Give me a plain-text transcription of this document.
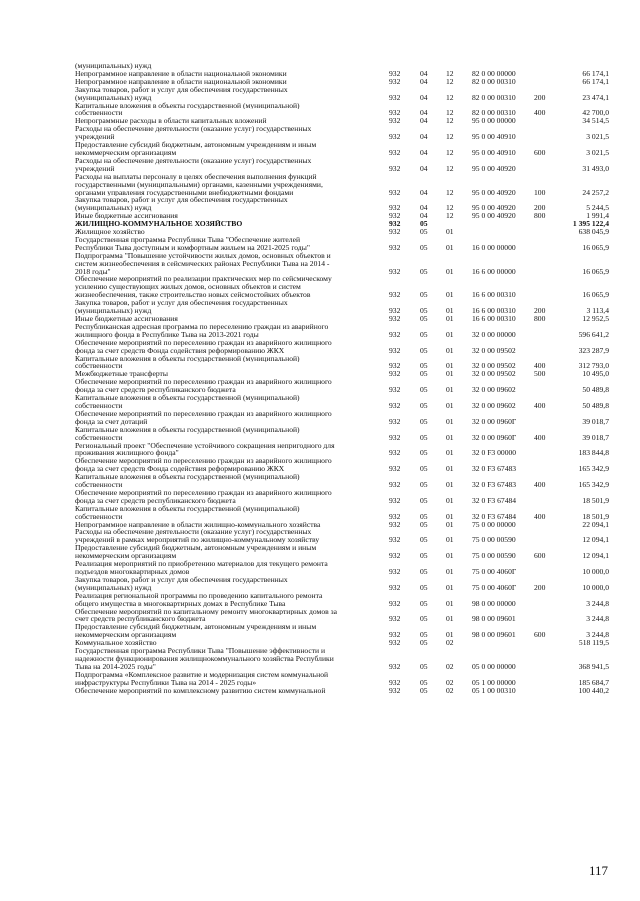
(муниципальных) нужд
Непрограммное направление в области национальной экономики	932	04 12 82 0 00 00000	66 174,1
Непрограммное направление в области национальной экономики	932	04 12 82 0 00 00310	66 174,1
Закупка товаров, работ и услуг для обеспечения государственных
(муниципальных) нужд	932	04 12 82 0 00 00310 200	23 474,1
Капитальные вложения в объекты государственной (муниципальной)
собственности	932	04 12 82 0 00 00310 400	42 700,0
Непрограммные расходы в области капитальных вложений	932	04 12 95 0 00 00000	34 514,5
Расходы на обеспечение деятельности (оказание услуг) государственных
учреждений	932	04 12 95 0 00 40910	3 021,5
Предоставление субсидий бюджетным, автономным учреждениям и иным
некоммерческим организациям	932	04 12 95 0 00 40910 600	3 021,5
Расходы на обеспечение деятельности (оказание услуг) государственных
учреждений	932	04 12 95 0 00 40920	31 493,0
Расходы на выплаты персоналу в целях обеспечения выполнения функций
государственными (муниципальными) органами, казенными учреждениями,
органами управления государственными внебюджетными фондами	932	04 12 95 0 00 40920 100	24 257,2
Закупка товаров, работ и услуг для обеспечения государственных
(муниципальных) нужд	932	04 12 95 0 00 40920 200	5 244,5
Иные бюджетные ассигнования	932	04 12 95 0 00 40920 800	1 991,4
ЖИЛИЩНО-КОММУНАЛЬНОЕ ХОЗЯЙСТВО	932	05	1 395 122,4
Жилищное хозяйство	932	05 01	638 045,9
Государственная программа Республики Тыва "Обеспечение жителей
Республики Тыва доступным и комфортным жильем на 2021-2025 годы"	932	05 01 16 0 00 00000	16 065,9
Подпрограмма "Повышение устойчивости жилых домов, основных объектов и
систем жизнеобеспечения в сейсмических районах Республики Тыва на 2014 -
2018 годы"	932	05 01 16 6 00 00000	16 065,9
Обеспечение мероприятий по реализации практических мер по сейсмическому
усилению существующих жилых домов, основных объектов и систем
жизнеобеспечения, также строительство новых сейсмостойких объектов	932	05 01 16 6 00 00310	16 065,9
Закупка товаров, работ и услуг для обеспечения государственных
(муниципальных) нужд	932	05 01 16 6 00 00310 200	3 113,4
Иные бюджетные ассигнования	932	05 01 16 6 00 00310 800	12 952,5
Республиканская адресная программа по переселению граждан из аварийного
жилищного фонда в Республике Тыва на 2013-2021 годы	932	05 01 32 0 00 00000	596 641,2
Обеспечение мероприятий по переселению граждан из аварийного жилищного
фонда за счет средств Фонда содействия реформированию ЖКХ	932	05 01 32 0 00 09502	323 287,9
Капитальные вложения в объекты государственной (муниципальной)
собственности	932	05 01 32 0 00 09502 400	312 793,0
Межбюджетные трансферты	932	05 01 32 0 00 09502 500	10 495,0
Обеспечение мероприятий по переселению граждан из аварийного жилищного
фонда за счет средств республиканского бюджета	932	05 01 32 0 00 09602	50 489,8
Капитальные вложения в объекты государственной (муниципальной)
собственности	932	05 01 32 0 00 09602 400	50 489,8
Обеспечение мероприятий по переселению граждан из аварийного жилищного
фонда за счет дотаций	932	05 01 32 0 00 0960Г	39 018,7
Капитальные вложения в объекты государственной (муниципальной)
собственности	932	05 01 32 0 00 0960Г 400	39 018,7
Региональный проект "Обеспечение устойчивого сокращения непригодного для
проживания жилищного фонда"	932	05 01 32 0 F3 00000	183 844,8
Обеспечение мероприятий по переселению граждан из аварийного жилищного
фонда за счет средств Фонда содействия реформированию ЖКХ	932	05 01 32 0 F3 67483	165 342,9
Капитальные вложения в объекты государственной (муниципальной)
собственности	932	05 01 32 0 F3 67483 400	165 342,9
Обеспечение мероприятий по переселению граждан из аварийного жилищного
фонда за счет средств республиканского бюджета	932	05 01 32 0 F3 67484	18 501,9
Капитальные вложения в объекты государственной (муниципальной)
собственности	932	05 01 32 0 F3 67484 400	18 501,9
Непрограммное направление в области жилищно-коммунального хозяйства	932	05 01 75 0 00 00000	22 094,1
Расходы на обеспечение деятельности (оказание услуг) государственных
учреждений в рамках мероприятий по жилищно-коммунальному хозяйству	932	05 01 75 0 00 00590	12 094,1
Предоставление субсидий бюджетным, автономным учреждениям и иным
некоммерческим организациям	932	05 01 75 0 00 00590 600	12 094,1
Реализация мероприятий по приобретению материалов для текущего ремонта
подъездов многоквартирных домов	932	05 01 75 0 00 4060Г	10 000,0
Закупка товаров, работ и услуг для обеспечения государственных
(муниципальных) нужд	932	05 01 75 0 00 4060Г 200	10 000,0
Реализация региональной программы по проведению капитального ремонта
общего имущества в многоквартирных домах в Республике Тыва	932	05 01 98 0 00 00000	3 244,8
Обеспечение мероприятий по капитальному ремонту многоквартирных домов за
счет средств республиканского бюджета	932	05 01 98 0 00 09601	3 244,8
Предоставление субсидий бюджетным, автономным учреждениям и иным
некоммерческим организациям	932	05 01 98 0 00 09601 600	3 244,8
Коммунальное хозяйство	932	05 02	518 119,5
Государственная программа Республики Тыва "Повышение эффективности и
надежности функционирования жилищнокоммунального хозяйства Республики
Тыва на 2014-2025 годы"	932	05 02 05 0 00 00000	368 941,5
Подпрограмма «Комплексное развитие и модернизация систем коммунальной
инфраструктуры Республики Тыва на 2014 - 2025 годы»	932	05 02 05 1 00 00000	185 684,7
Обеспечение мероприятий по комплексному развитию систем коммунальной	932	05 02 05 1 00 00310	100 440,2
117
